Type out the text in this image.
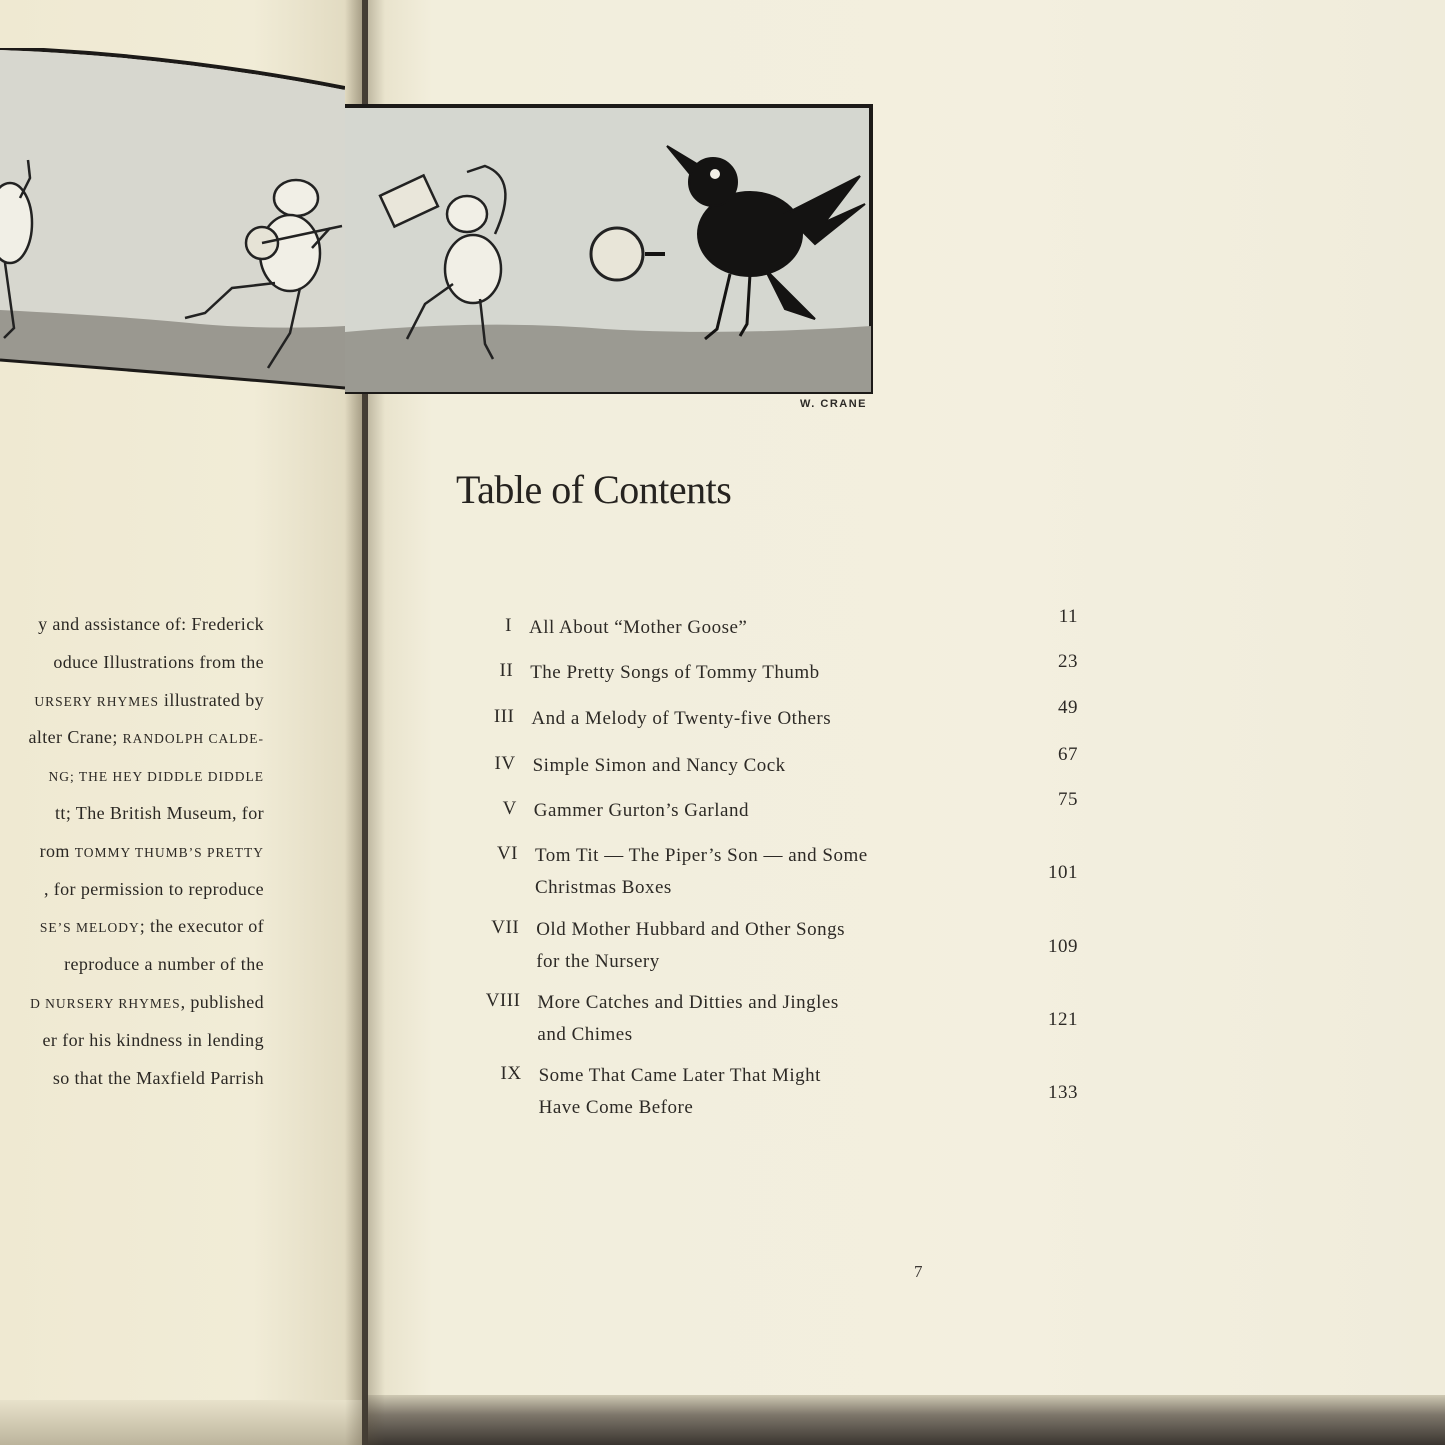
W. CRANE
y and assistance of: Frederick
oduce Illustrations from the
URSERY RHYMES illustrated by
alter Crane; RANDOLPH CALDE-
NG; THE HEY DIDDLE DIDDLE
tt; The British Museum, for
rom TOMMY THUMB’S PRETTY
, for permission to reproduce
SE’S MELODY; the executor of
reproduce a number of the
D NURSERY RHYMES, published
er for his kindness in lending
so that the Maxfield Parrish
Table of Contents
I All About “Mother Goose”
11
II The Pretty Songs of Tommy Thumb
23
III And a Melody of Twenty-five Others
49
IV Simple Simon and Nancy Cock
67
V Gammer Gurton’s Garland
75
VI Tom Tit — The Piper’s Son — and Some
Christmas Boxes
101
VII Old Mother Hubbard and Other Songs
for the Nursery
109
VIII More Catches and Ditties and Jingles
and Chimes
121
IX Some That Came Later That Might
Have Come Before
133
7
